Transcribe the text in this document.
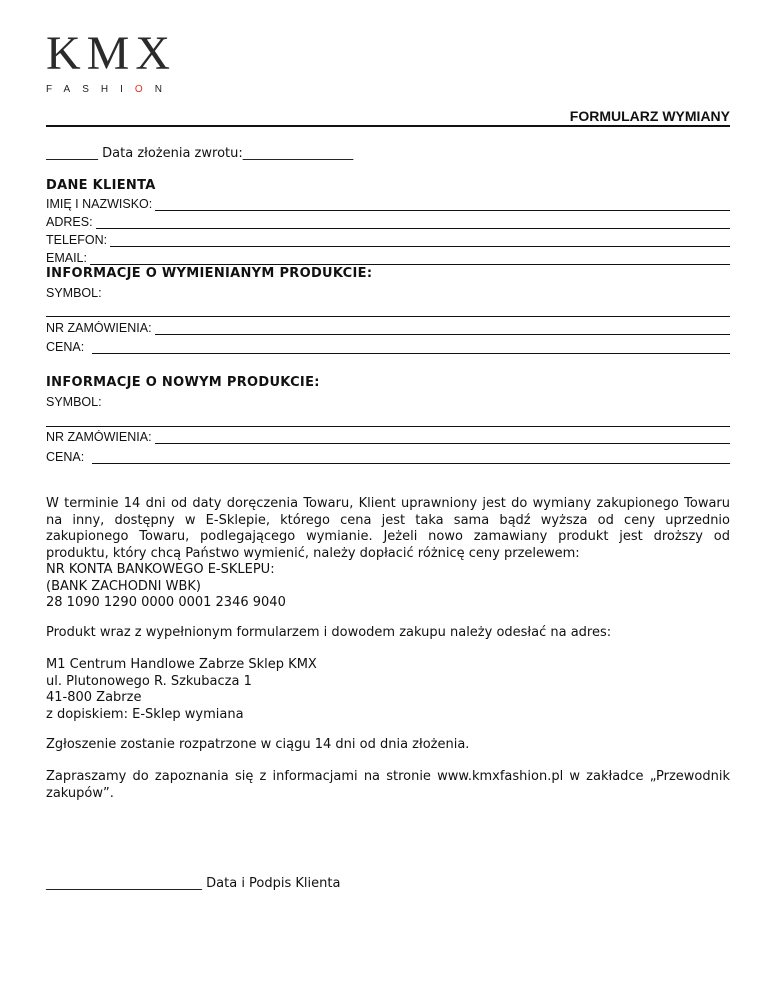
KMX
FASHION
FORMULARZ WYMIANY
________ Data złożenia zwrotu:_________________
DANE KLIENTA
IMIĘ I NAZWISKO:
ADRES:
TELEFON:
EMAIL:
INFORMACJE O WYMIENIANYM PRODUKCIE:
SYMBOL:
NR ZAMÓWIENIA:
CENA:
INFORMACJE O NOWYM PRODUKCIE:
SYMBOL:
NR ZAMÓWIENIA:
CENA:
W terminie 14 dni od daty doręczenia Towaru, Klient uprawniony jest do wymiany zakupionego Towaru na inny, dostępny w E-Sklepie, którego cena jest taka sama bądź wyższa od ceny uprzednio zakupionego Towaru, podlegającego wymianie. Jeżeli nowo zamawiany produkt jest droższy od produktu, który chcą Państwo wymienić, należy dopłacić różnicę ceny przelewem:
NR KONTA BANKOWEGO E-SKLEPU:
(BANK ZACHODNI WBK)
28 1090 1290 0000 0001 2346 9040
Produkt wraz z wypełnionym formularzem i dowodem zakupu należy odesłać na adres:
M1 Centrum Handlowe Zabrze Sklep KMX
ul. Plutonowego R. Szkubacza 1
41-800 Zabrze
z dopiskiem: E-Sklep wymiana
Zgłoszenie zostanie rozpatrzone w ciągu 14 dni od dnia złożenia.
Zapraszamy do zapoznania się z informacjami na stronie www.kmxfashion.pl w zakładce „Przewodnik zakupów”.
________________________ Data i Podpis Klienta
